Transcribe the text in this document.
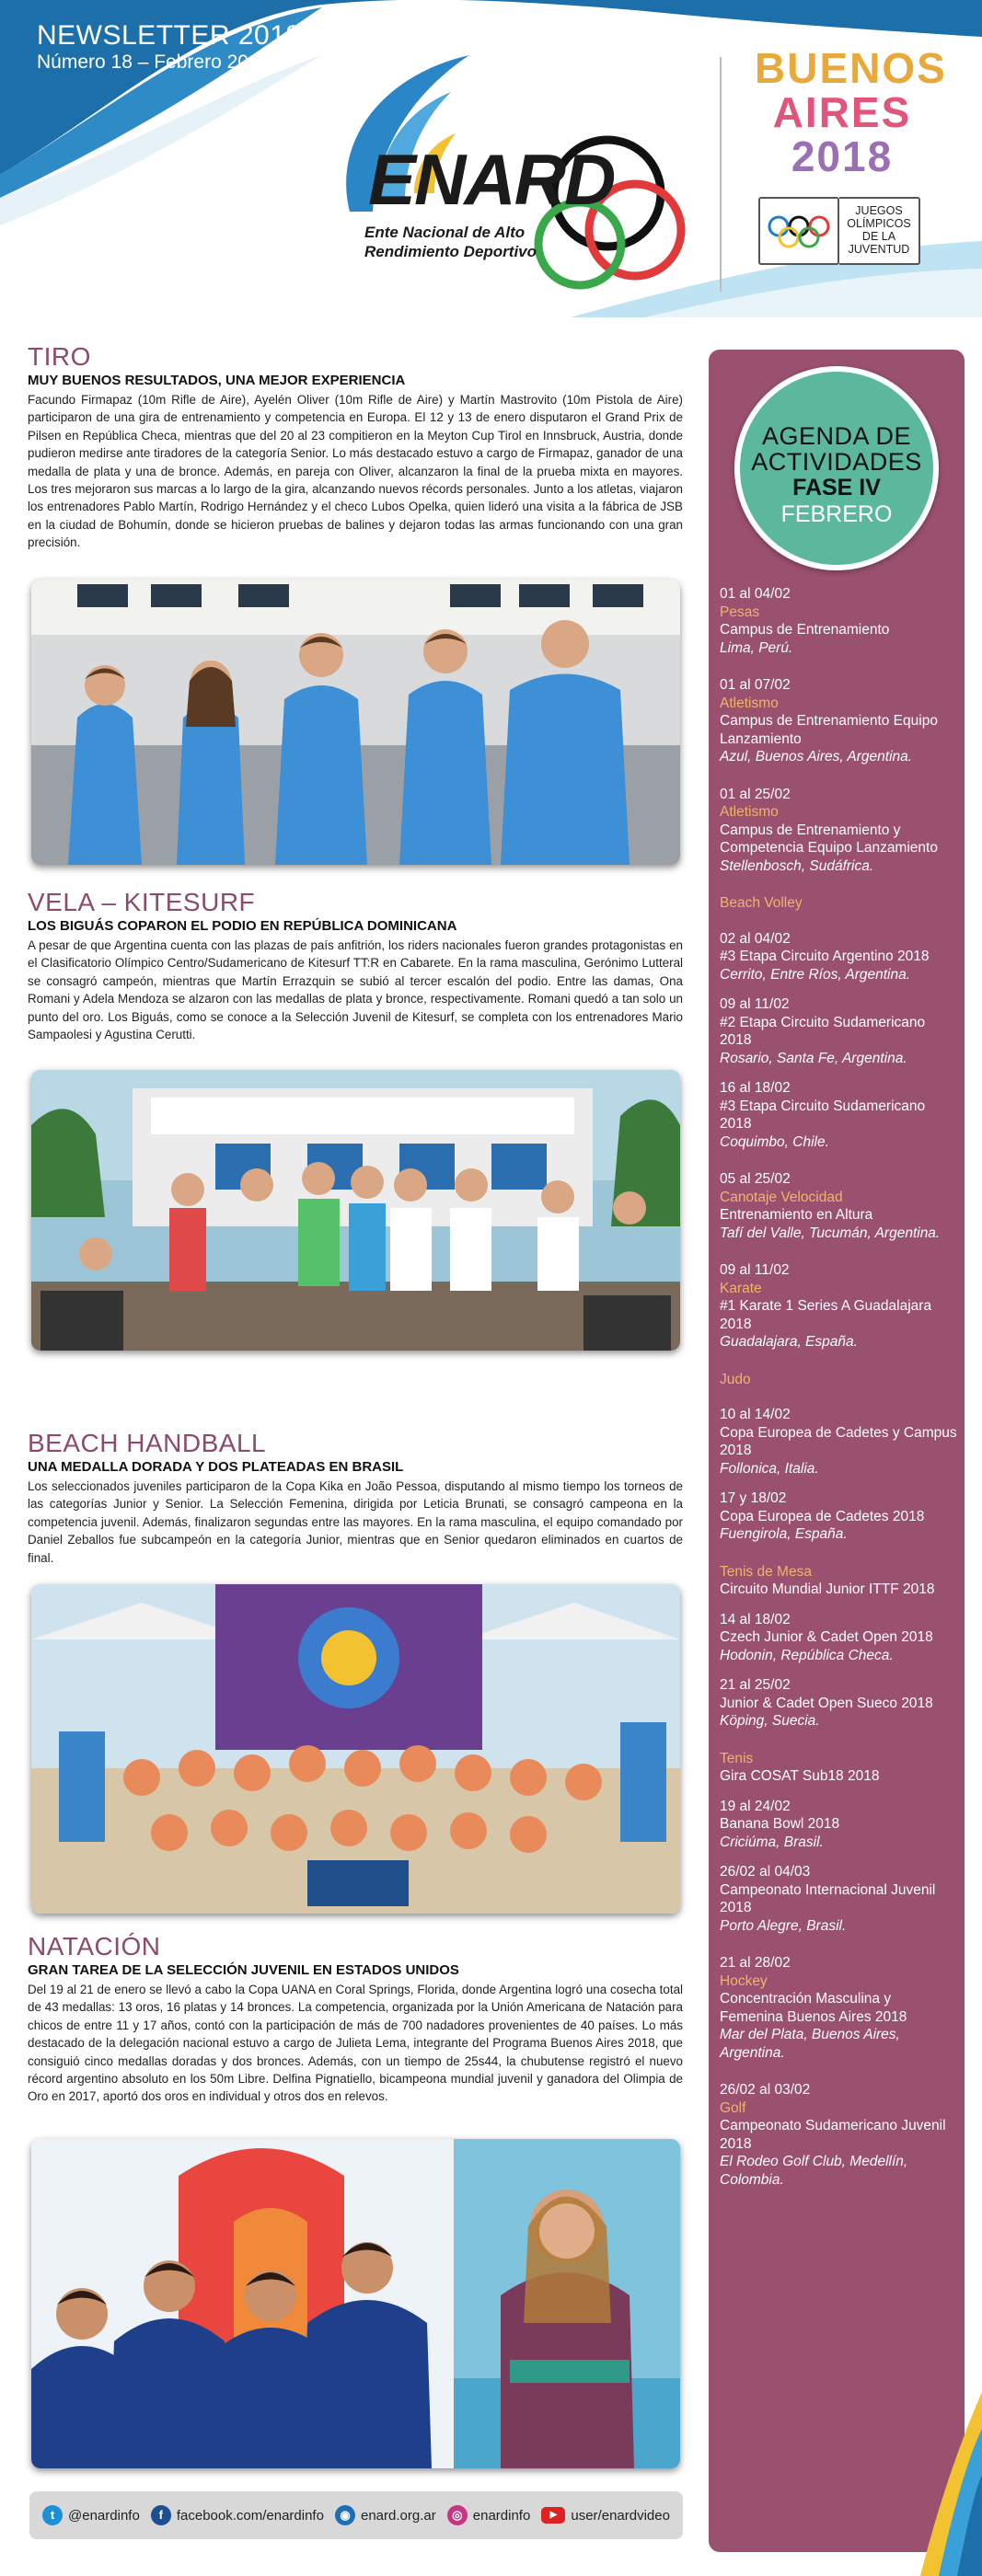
NEWSLETTER 2018
Número 18 – Febrero 2018
ENARD
Ente Nacional de Alto
Rendimiento Deportivo
BUENOS
AIRES
2018
JUEGOS
OLÍMPICOS
DE LA
JUVENTUD
TIRO
MUY BUENOS RESULTADOS, UNA MEJOR EXPERIENCIA
Facundo Firmapaz (10m Rifle de Aire), Ayelén Oliver (10m Rifle de Aire) y Martín Mastrovito (10m Pistola de Aire) participaron de una gira de entrenamiento y competencia en Europa. El 12 y 13 de enero disputaron el Grand Prix de Pilsen en República Checa, mientras que del 20 al 23 compitieron en la Meyton Cup Tirol en Innsbruck, Austria, donde pudieron medirse ante tiradores de la categoría Senior. Lo más destacado estuvo a cargo de Firmapaz, ganador de una medalla de plata y una de bronce. Además, en pareja con Oliver, alcanzaron la final de la prueba mixta en mayores. Los tres mejoraron sus marcas a lo largo de la gira, alcanzando nuevos récords personales. Junto a los atletas, viajaron los entrenadores Pablo Martín, Rodrigo Hernández y el checo Lubos Opelka, quien lideró una visita a la fábrica de JSB en la ciudad de Bohumín, donde se hicieron pruebas de balines y dejaron todas las armas funcionando con una gran precisión.
VELA – KITESURF
LOS BIGUÁS COPARON EL PODIO EN REPÚBLICA DOMINICANA
A pesar de que Argentina cuenta con las plazas de país anfitrión, los riders nacionales fueron grandes protagonistas en el Clasificatorio Olímpico Centro/Sudamericano de Kitesurf TT:R en Cabarete. En la rama masculina, Gerónimo Lutteral se consagró campeón, mientras que Martín Errazquin se subió al tercer escalón del podio. Entre las damas, Ona Romani y Adela Mendoza se alzaron con las medallas de plata y bronce, respectivamente. Romani quedó a tan solo un punto del oro. Los Biguás, como se conoce a la Selección Juvenil de Kitesurf, se completa con los entrenadores Mario Sampaolesi y Agustina Cerutti.
BEACH HANDBALL
UNA MEDALLA DORADA Y DOS PLATEADAS EN BRASIL
Los seleccionados juveniles participaron de la Copa Kika en João Pessoa, disputando al mismo tiempo los torneos de las categorías Junior y Senior. La Selección Femenina, dirigida por Leticia Brunati, se consagró campeona en la competencia juvenil. Además, finalizaron segundas entre las mayores. En la rama masculina, el equipo comandado por Daniel Zeballos fue subcampeón en la categoría Junior, mientras que en Senior quedaron eliminados en cuartos de final.
NATACIÓN
GRAN TAREA DE LA SELECCIÓN JUVENIL EN ESTADOS UNIDOS
Del 19 al 21 de enero se llevó a cabo la Copa UANA en Coral Springs, Florida, donde Argentina logró una cosecha total de 43 medallas: 13 oros, 16 platas y 14 bronces. La competencia, organizada por la Unión Americana de Natación para chicos de entre 11 y 17 años, contó con la participación de más de 700 nadadores provenientes de 40 países. Lo más destacado de la delegación nacional estuvo a cargo de Julieta Lema, integrante del Programa Buenos Aires 2018, que consiguió cinco medallas doradas y dos bronces. Además, con un tiempo de 25s44, la chubutense registró el nuevo récord argentino absoluto en los 50m Libre. Delfina Pignatiello, bicampeona mundial juvenil y ganadora del Olimpia de Oro en 2017, aportó dos oros en individual y otros dos en relevos.
AGENDA DE
ACTIVIDADES
FASE IV
FEBRERO
01 al 04/02
Pesas
Campus de Entrenamiento
Lima, Perú.
01 al 07/02
Atletismo
Campus de Entrenamiento Equipo Lanzamiento
Azul, Buenos Aires, Argentina.
01 al 25/02
Atletismo
Campus de Entrenamiento y Competencia Equipo Lanzamiento
Stellenbosch, Sudáfrica.
Beach Volley
02 al 04/02
#3 Etapa Circuito Argentino 2018
Cerrito, Entre Ríos, Argentina.
09 al 11/02
#2 Etapa Circuito Sudamericano 2018
Rosario, Santa Fe, Argentina.
16 al 18/02
#3 Etapa Circuito Sudamericano 2018
Coquimbo, Chile.
05 al 25/02
Canotaje Velocidad
Entrenamiento en Altura
Tafí del Valle, Tucumán, Argentina.
09 al 11/02
Karate
#1 Karate 1 Series A Guadalajara 2018
Guadalajara, España.
Judo
10 al 14/02
Copa Europea de Cadetes y Campus 2018
Follonica, Italia.
17 y 18/02
Copa Europea de Cadetes 2018
Fuengirola, España.
Tenis de Mesa
Circuito Mundial Junior ITTF 2018
14 al 18/02
Czech Junior & Cadet Open 2018
Hodonin, República Checa.
21 al 25/02
Junior & Cadet Open Sueco 2018
Köping, Suecia.
Tenis
Gira COSAT Sub18 2018
19 al 24/02
Banana Bowl 2018
Criciúma, Brasil.
26/02 al 04/03
Campeonato Internacional Juvenil 2018
Porto Alegre, Brasil.
21 al 28/02
Hockey
Concentración Masculina y Femenina Buenos Aires 2018
Mar del Plata, Buenos Aires, Argentina.
26/02 al 03/02
Golf
Campeonato Sudamericano Juvenil 2018
El Rodeo Golf Club, Medellín, Colombia.
t @enardinfo	f facebook.com/enardinfo	◉ enard.org.ar	◎ enardinfo	▶	user/enardvideo
